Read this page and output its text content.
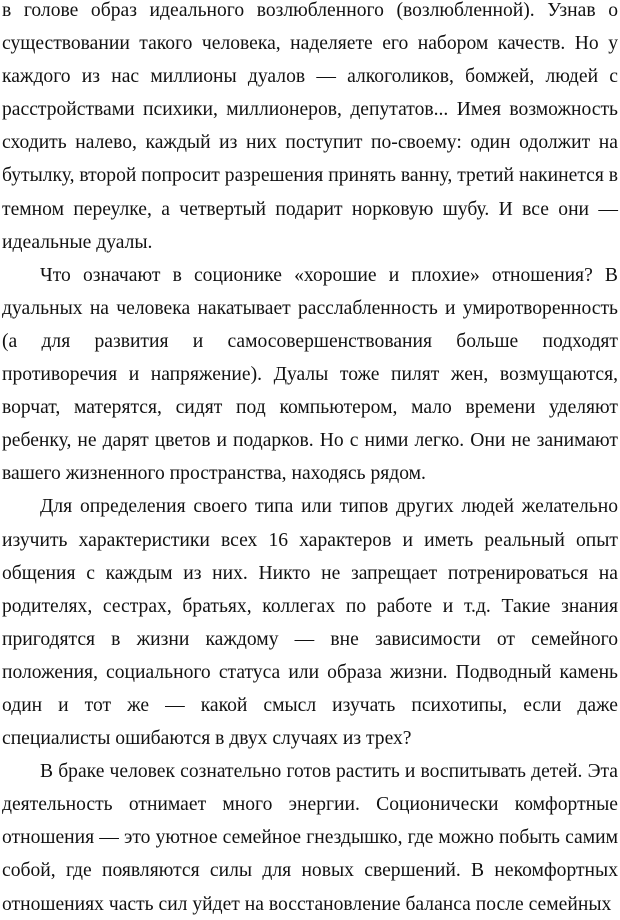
в голове образ идеального возлюбленного (возлюбленной). Узнав о существовании такого человека, наделяете его набором качеств. Но у каждого из нас миллионы дуалов — алкоголиков, бомжей, людей с расстройствами психики, миллионеров, депутатов... Имея возможность сходить налево, каждый из них поступит по-своему: один одолжит на бутылку, второй попросит разрешения принять ванну, третий накинется в темном переулке, а четвертый подарит норковую шубу. И все они — идеальные дуалы.

Что означают в соционике «хорошие и плохие» отношения? В дуальных на человека накатывает расслабленность и умиротворенность (а для развития и самосовершенствования больше подходят противоречия и напряжение). Дуалы тоже пилят жен, возмущаются, ворчат, матерятся, сидят под компьютером, мало времени уделяют ребенку, не дарят цветов и подарков. Но с ними легко. Они не занимают вашего жизненного пространства, находясь рядом.

Для определения своего типа или типов других людей желательно изучить характеристики всех 16 характеров и иметь реальный опыт общения с каждым из них. Никто не запрещает потренироваться на родителях, сестрах, братьях, коллегах по работе и т.д. Такие знания пригодятся в жизни каждому — вне зависимости от семейного положения, социального статуса или образа жизни. Подводный камень один и тот же — какой смысл изучать психотипы, если даже специалисты ошибаются в двух случаях из трех?

В браке человек сознательно готов растить и воспитывать детей. Эта деятельность отнимает много энергии. Соционически комфортные отношения — это уютное семейное гнездышко, где можно побыть самим собой, где появляются силы для новых свершений. В некомфортных отношениях часть сил уйдет на восстановление баланса после семейных
